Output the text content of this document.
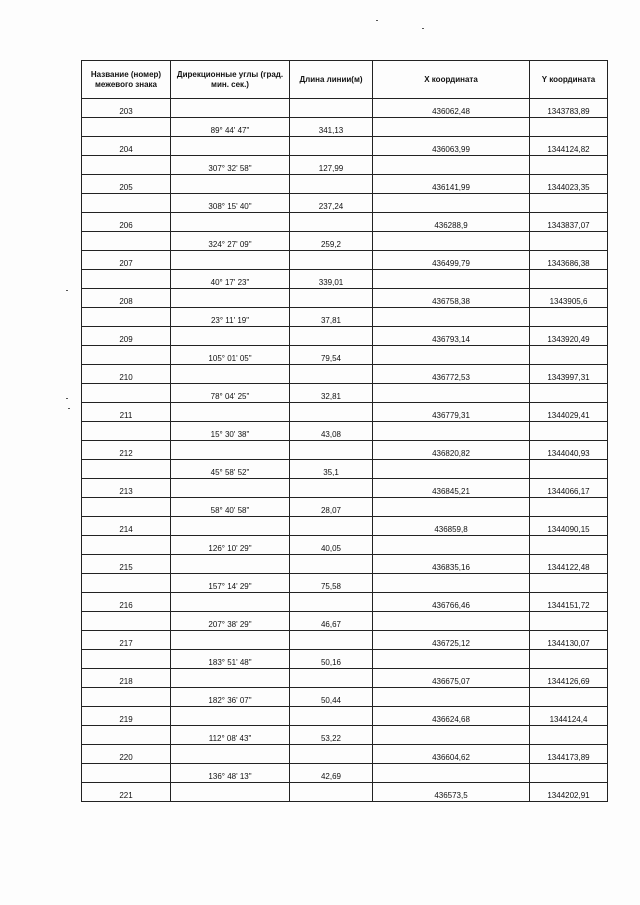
Название (номер) межевого знака	Дирекционные углы (град. мин. сек.)	Длина линии(м)	X координата	Y координата
203			436062,48	1343783,89
	89° 44' 47"	341,13		
204			436063,99	1344124,82
	307° 32' 58"	127,99		
205			436141,99	1344023,35
	308° 15' 40"	237,24		
206			436288,9	1343837,07
	324° 27' 09"	259,2		
207			436499,79	1343686,38
	40° 17' 23"	339,01		
208			436758,38	1343905,6
	23° 11' 19"	37,81		
209			436793,14	1343920,49
	105° 01' 05"	79,54		
210			436772,53	1343997,31
	78° 04' 25"	32,81		
211			436779,31	1344029,41
	15° 30' 38"	43,08		
212			436820,82	1344040,93
	45° 58' 52"	35,1		
213			436845,21	1344066,17
	58° 40' 58"	28,07		
214			436859,8	1344090,15
	126° 10' 29"	40,05		
215			436835,16	1344122,48
	157° 14' 29"	75,58		
216			436766,46	1344151,72
	207° 38' 29"	46,67		
217			436725,12	1344130,07
	183° 51' 48"	50,16		
218			436675,07	1344126,69
	182° 36' 07"	50,44		
219			436624,68	1344124,4
	112° 08' 43"	53,22		
220			436604,62	1344173,89
	136° 48' 13"	42,69		
221			436573,5	1344202,91
